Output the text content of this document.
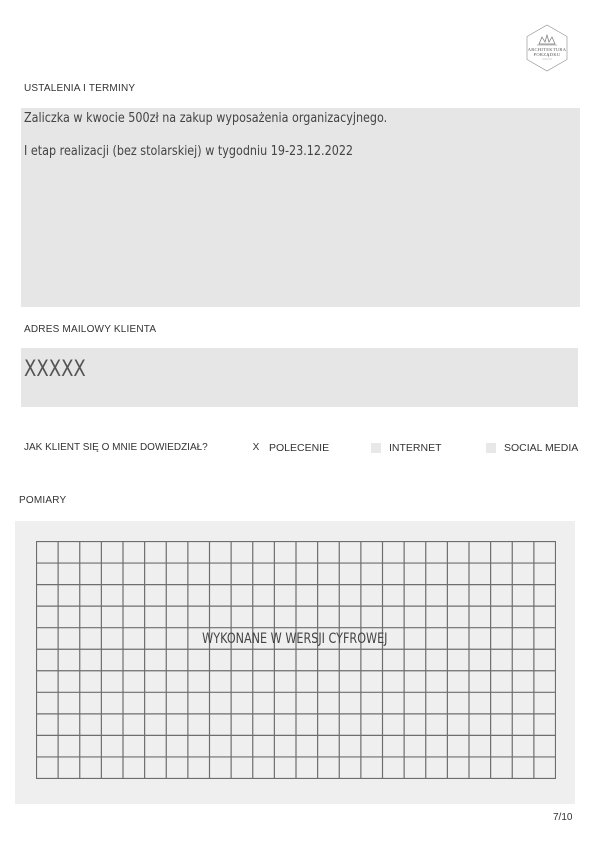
ARCHITEKTURA
PORZĄDKU
USTALENIA I TERMINY
Zaliczka w kwocie 500zł na zakup wyposażenia organizacyjnego.
I etap realizacji (bez stolarskiej) w tygodniu 19-23.12.2022
ADRES MAILOWY KLIENTA
XXXXX
JAK KLIENT SIĘ O MNIE DOWIEDZIAŁ?	X POLECENIE	INTERNET	SOCIAL MEDIA
POMIARY
WYKONANE W WERSJI CYFROWEJ
7/10
